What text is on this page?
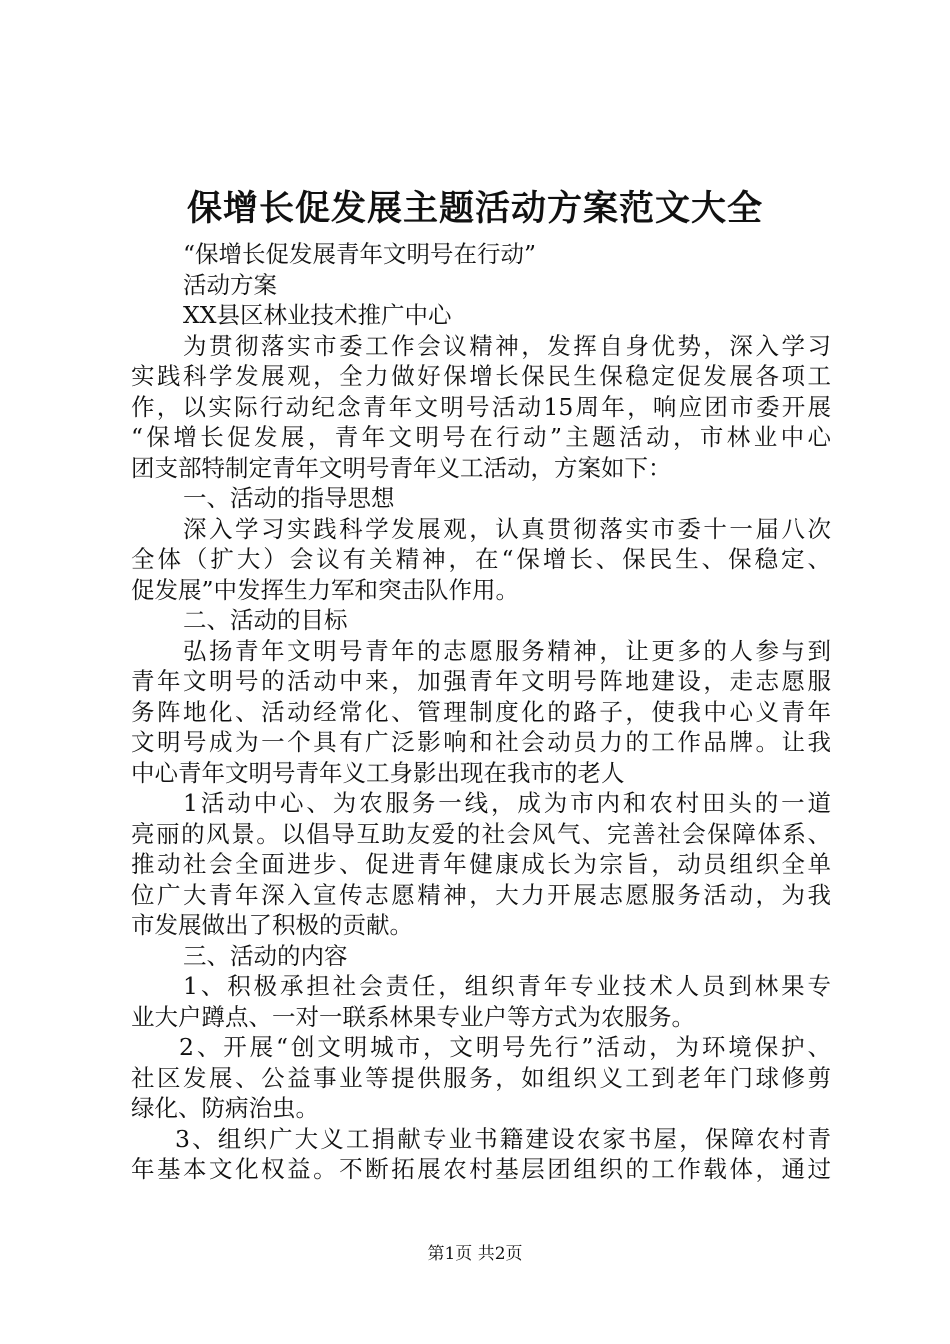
保增长促发展主题活动方案范文大全
“保增长促发展青年文明号在行动”
活动方案
XX县区林业技术推广中心
为贯彻落实市委工作会议精神，发挥自身优势，深入学习
实践科学发展观，全力做好保增长保民生保稳定促发展各项工
作，以实际行动纪念青年文明号活动15周年，响应团市委开展
“保增长促发展，青年文明号在行动”主题活动，市林业中心
团支部特制定青年文明号青年义工活动，方案如下：
一、活动的指导思想
深入学习实践科学发展观，认真贯彻落实市委十一届八次
全体（扩大）会议有关精神，在“保增长、保民生、保稳定、
促发展”中发挥生力军和突击队作用。
二、活动的目标
弘扬青年文明号青年的志愿服务精神，让更多的人参与到
青年文明号的活动中来，加强青年文明号阵地建设，走志愿服
务阵地化、活动经常化、管理制度化的路子，使我中心义青年
文明号成为一个具有广泛影响和社会动员力的工作品牌。让我
中心青年文明号青年义工身影出现在我市的老人
1活动中心、为农服务一线，成为市内和农村田头的一道
亮丽的风景。以倡导互助友爱的社会风气、完善社会保障体系、
推动社会全面进步、促进青年健康成长为宗旨，动员组织全单
位广大青年深入宣传志愿精神，大力开展志愿服务活动，为我
市发展做出了积极的贡献。
三、活动的内容
1、积极承担社会责任，组织青年专业技术人员到林果专
业大户蹲点、一对一联系林果专业户等方式为农服务。
2、开展“创文明城市，文明号先行”活动，为环境保护、
社区发展、公益事业等提供服务，如组织义工到老年门球修剪
绿化、防病治虫。
3、组织广大义工捐献专业书籍建设农家书屋，保障农村青
年基本文化权益。不断拓展农村基层团组织的工作载体，通过
第1页 共2页
